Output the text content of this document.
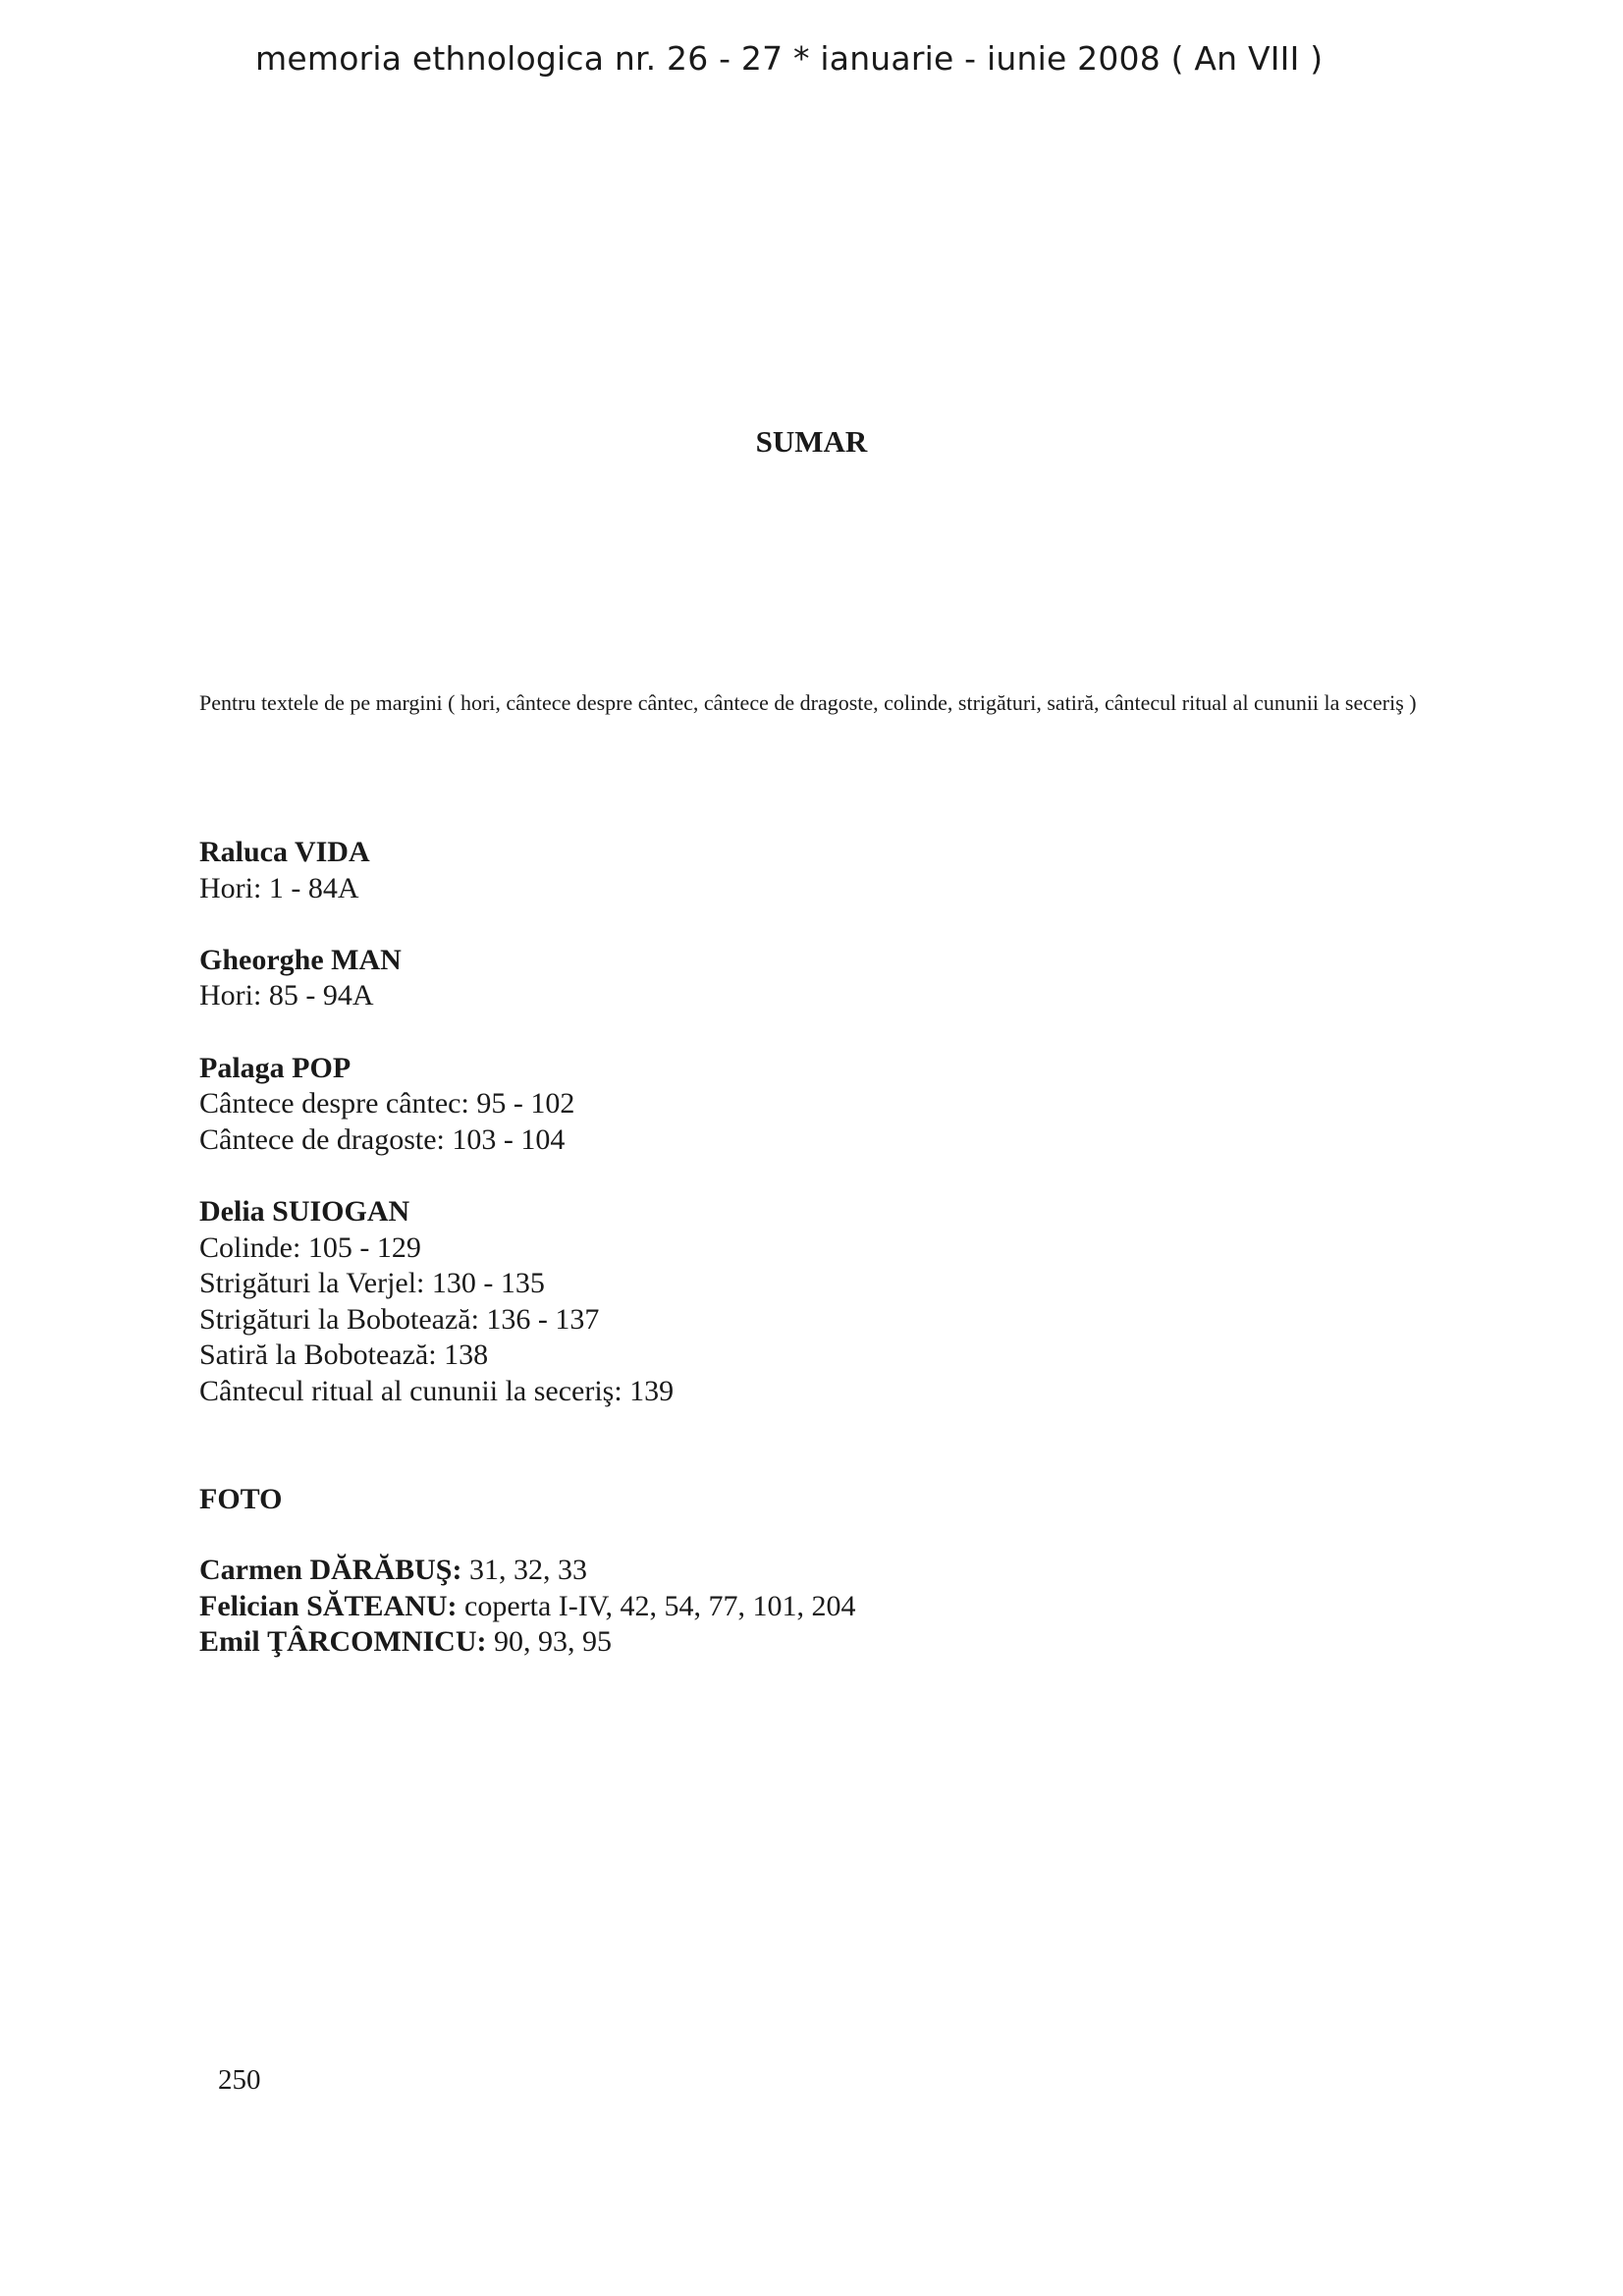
memoria ethnologica nr. 26 - 27 * ianuarie - iunie 2008 ( An VIII )
SUMAR
Pentru textele de pe margini ( hori, cântece despre cântec, cântece de dragoste, colinde, strigături, satiră, cântecul ritual al cununii la seceriş )
Raluca VIDA
Hori: 1 - 84A
Gheorghe MAN
Hori: 85 - 94A
Palaga POP
Cântece despre cântec: 95 - 102
Cântece de dragoste: 103 - 104
Delia SUIOGAN
Colinde: 105 - 129
Strigături la Verjel: 130 - 135
Strigături la Bobotează: 136 - 137
Satiră la Bobotează: 138
Cântecul ritual al cununii la seceriş: 139
FOTO
Carmen DĂRĂBUŞ: 31, 32, 33
Felician SĂTEANU: coperta I-IV, 42, 54, 77, 101, 204
Emil ŢÂRCOMNICU: 90, 93, 95
250
